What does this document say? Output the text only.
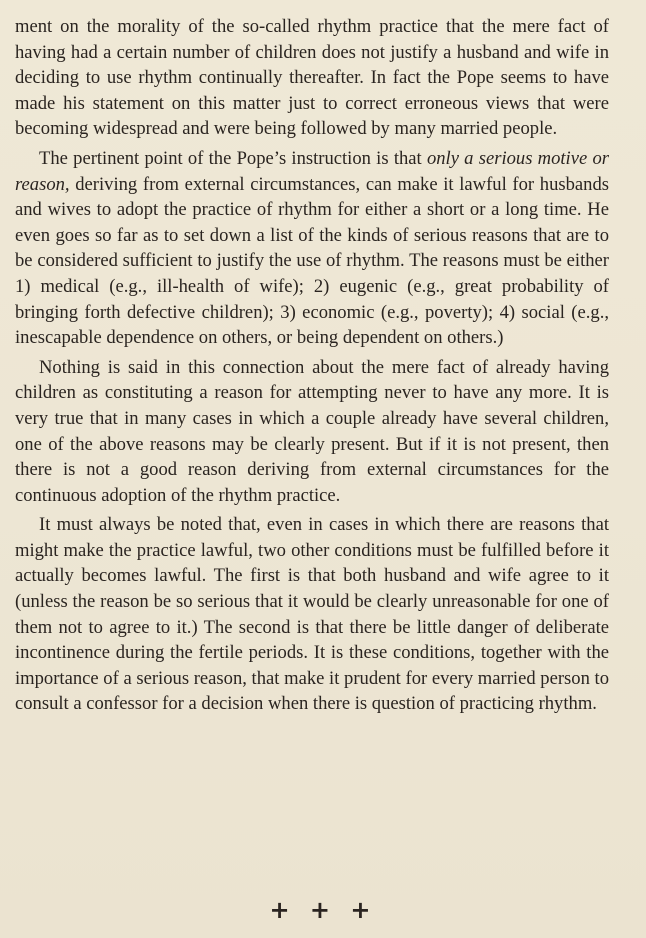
ment on the morality of the so-called rhythm practice that the mere fact of having had a certain number of children does not justify a husband and wife in deciding to use rhythm continually thereafter. In fact the Pope seems to have made his statement on this matter just to correct erroneous views that were becoming widespread and were being followed by many married people.

The pertinent point of the Pope’s instruction is that only a serious motive or reason, deriving from external circumstances, can make it lawful for husbands and wives to adopt the practice of rhythm for either a short or a long time. He even goes so far as to set down a list of the kinds of serious reasons that are to be considered sufficient to justify the use of rhythm. The reasons must be either 1) medical (e.g., ill-health of wife); 2) eugenic (e.g., great probability of bringing forth defective children); 3) economic (e.g., poverty); 4) social (e.g., inescapable dependence on others, or being dependent on others.)

Nothing is said in this connection about the mere fact of already having children as constituting a reason for attempting never to have any more. It is very true that in many cases in which a couple already have several children, one of the above reasons may be clearly present. But if it is not present, then there is not a good reason deriving from external circumstances for the continuous adoption of the rhythm practice.

It must always be noted that, even in cases in which there are reasons that might make the practice lawful, two other conditions must be fulfilled before it actually becomes lawful. The first is that both husband and wife agree to it (unless the reason be so serious that it would be clearly unreasonable for one of them not to agree to it.) The second is that there be little danger of deliberate incontinence during the fertile periods. It is these conditions, together with the importance of a serious reason, that make it prudent for every married person to consult a confessor for a decision when there is question of practicing rhythm.

+ + +
